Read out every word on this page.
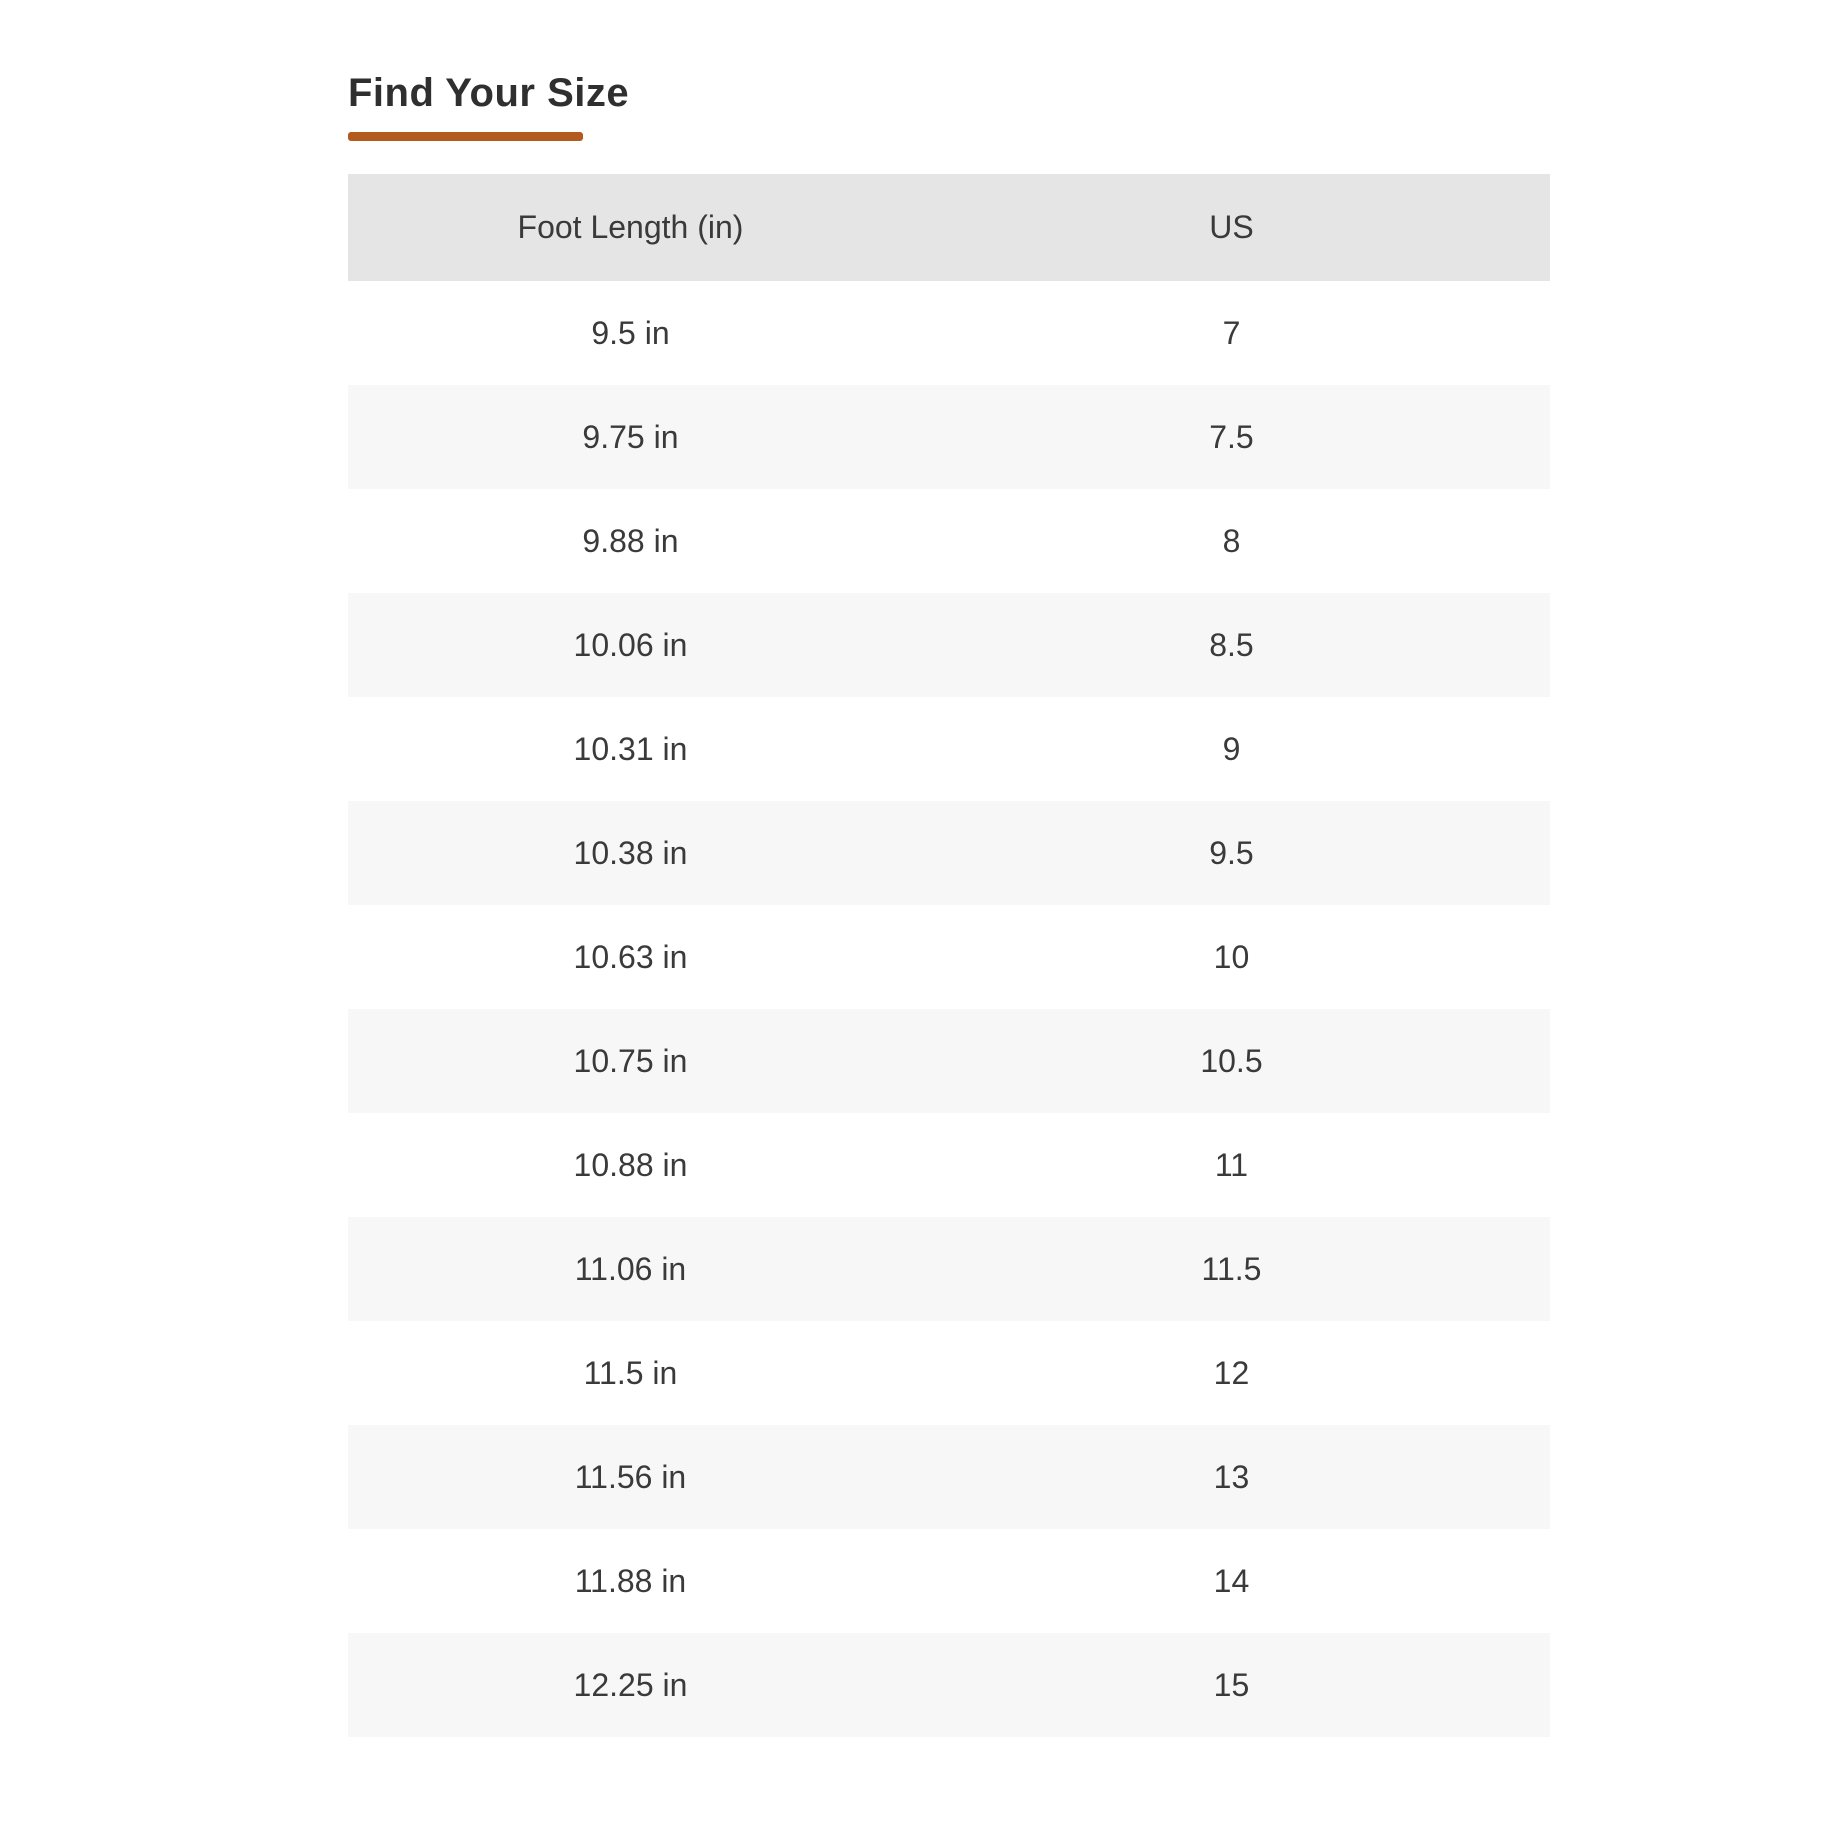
Find Your Size
Foot Length (in)	US
9.5 in	7
9.75 in	7.5
9.88 in	8
10.06 in	8.5
10.31 in	9
10.38 in	9.5
10.63 in	10
10.75 in	10.5
10.88 in	11
11.06 in	11.5
11.5 in	12
11.56 in	13
11.88 in	14
12.25 in	15
